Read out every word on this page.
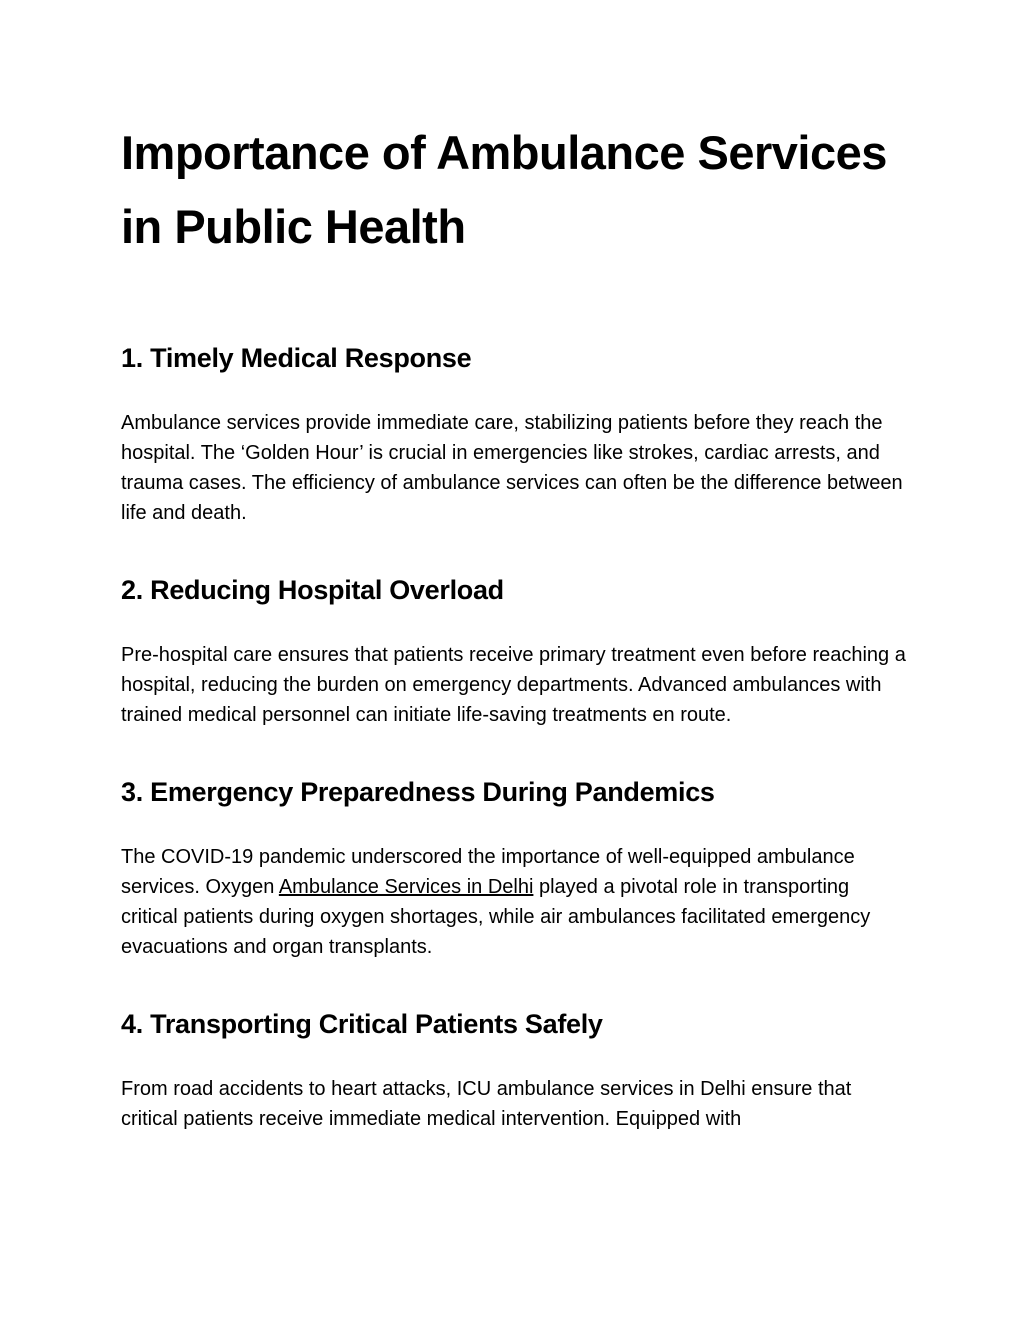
Importance of Ambulance Services in Public Health
1. Timely Medical Response

Ambulance services provide immediate care, stabilizing patients before they reach the hospital. The ‘Golden Hour’ is crucial in emergencies like strokes, cardiac arrests, and trauma cases. The efficiency of ambulance services can often be the difference between life and death.

2. Reducing Hospital Overload

Pre-hospital care ensures that patients receive primary treatment even before reaching a hospital, reducing the burden on emergency departments. Advanced ambulances with trained medical personnel can initiate life-saving treatments en route.

3. Emergency Preparedness During Pandemics

The COVID-19 pandemic underscored the importance of well-equipped ambulance services. Oxygen Ambulance Services in Delhi played a pivotal role in transporting critical patients during oxygen shortages, while air ambulances facilitated emergency evacuations and organ transplants.

4. Transporting Critical Patients Safely

From road accidents to heart attacks, ICU ambulance services in Delhi ensure that critical patients receive immediate medical intervention. Equipped with
